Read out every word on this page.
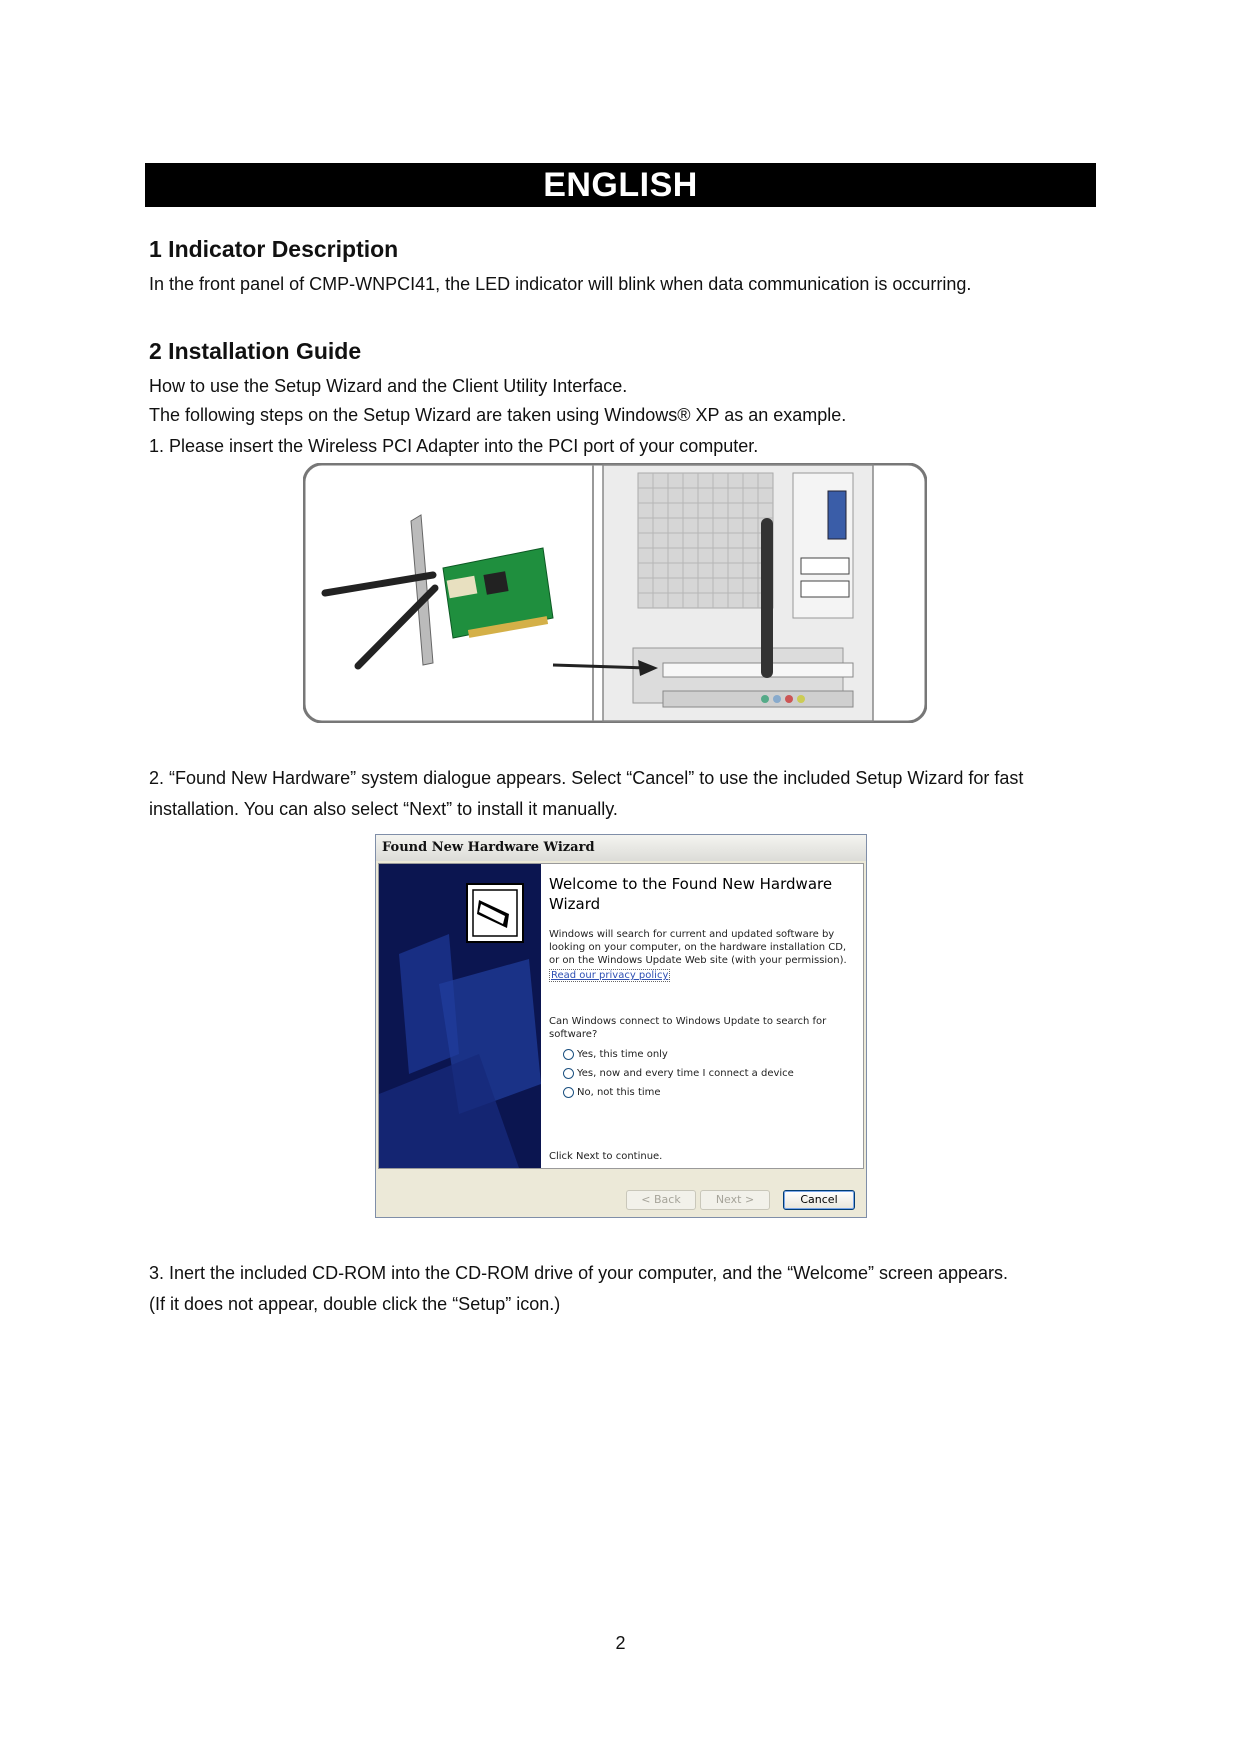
ENGLISH
1 Indicator Description

In the front panel of CMP-WNPCI41, the LED indicator will blink when data communication is occurring.

2 Installation Guide

How to use the Setup Wizard and the Client Utility Interface.

The following steps on the Setup Wizard are taken using Windows® XP as an example.

1. Please insert the Wireless PCI Adapter into the PCI port of your computer.

2. “Found New Hardware” system dialogue appears. Select “Cancel” to use the included Setup Wizard for fast installation. You can also select “Next” to install it manually.

Found New Hardware Wizard
Welcome to the Found New Hardware Wizard
Windows will search for current and updated software by looking on your computer, on the hardware installation CD, or on the Windows Update Web site (with your permission).
Read our privacy policy
Can Windows connect to Windows Update to search for software?
Yes, this time only
Yes, now and every time I connect a device
No, not this time
Click Next to continue.
< Back	Next >	Cancel

3. Inert the included CD-ROM into the CD-ROM drive of your computer, and the “Welcome” screen appears.

(If it does not appear, double click the “Setup” icon.)

2
